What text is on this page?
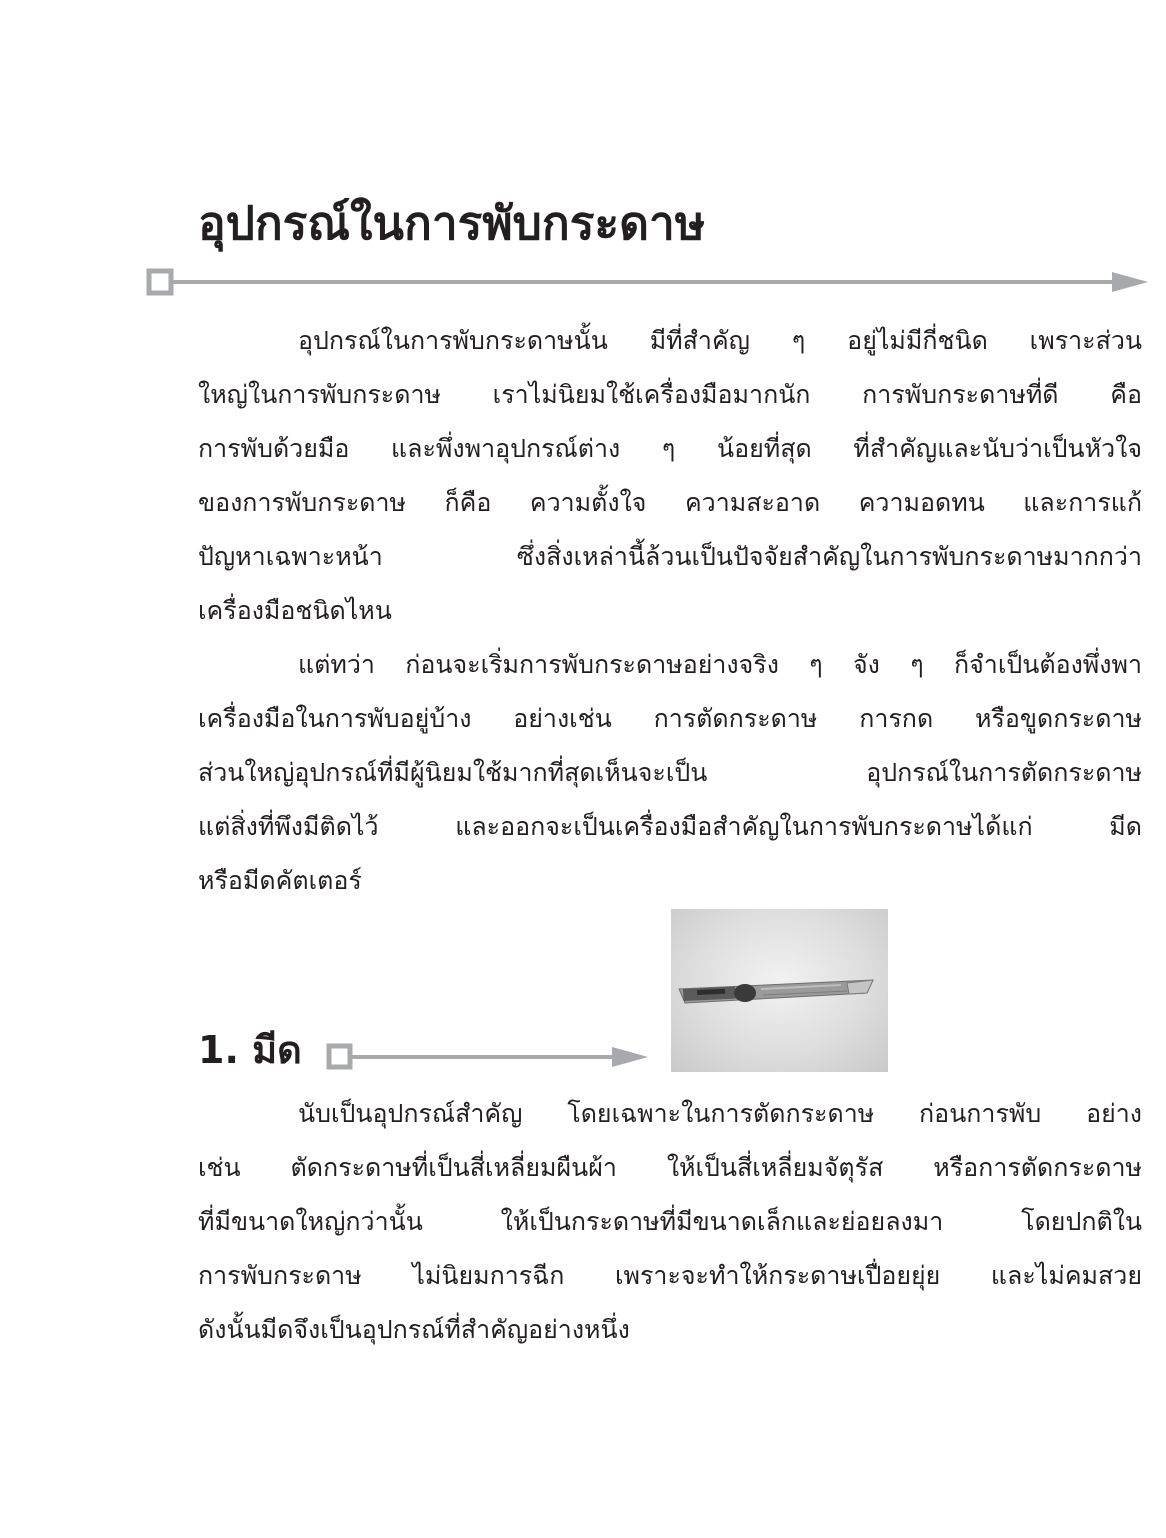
อุปกรณ์ในการพับกระดาษ
อุปกรณ์ในการพับกระดาษนั้น มีที่สำคัญ ๆ อยู่ไม่มีกี่ชนิด เพราะส่วน
ใหญ่ในการพับกระดาษ เราไม่นิยมใช้เครื่องมือมากนัก การพับกระดาษที่ดี คือ
การพับด้วยมือ และพึ่งพาอุปกรณ์ต่าง ๆ น้อยที่สุด ที่สำคัญและนับว่าเป็นหัวใจ
ของการพับกระดาษ ก็คือ ความตั้งใจ ความสะอาด ความอดทน และการแก้
ปัญหาเฉพาะหน้า ซึ่งสิ่งเหล่านี้ล้วนเป็นปัจจัยสำคัญในการพับกระดาษมากกว่า
เครื่องมือชนิดไหน
แต่ทว่า ก่อนจะเริ่มการพับกระดาษอย่างจริง ๆ จัง ๆ ก็จำเป็นต้องพึ่งพา
เครื่องมือในการพับอยู่บ้าง อย่างเช่น การตัดกระดาษ การกด หรือขูดกระดาษ
ส่วนใหญ่อุปกรณ์ที่มีผู้นิยมใช้มากที่สุดเห็นจะเป็น อุปกรณ์ในการตัดกระดาษ
แต่สิ่งที่พึงมีติดไว้ และออกจะเป็นเครื่องมือสำคัญในการพับกระดาษได้แก่ มีด
หรือมีดคัตเตอร์
1. มีด
นับเป็นอุปกรณ์สำคัญ โดยเฉพาะในการตัดกระดาษ ก่อนการพับ อย่าง
เช่น ตัดกระดาษที่เป็นสี่เหลี่ยมผืนผ้า ให้เป็นสี่เหลี่ยมจัตุรัส หรือการตัดกระดาษ
ที่มีขนาดใหญ่กว่านั้น ให้เป็นกระดาษที่มีขนาดเล็กและย่อยลงมา โดยปกติใน
การพับกระดาษ ไม่นิยมการฉีก เพราะจะทำให้กระดาษเปื่อยยุ่ย และไม่คมสวย
ดังนั้นมีดจึงเป็นอุปกรณ์ที่สำคัญอย่างหนึ่ง
